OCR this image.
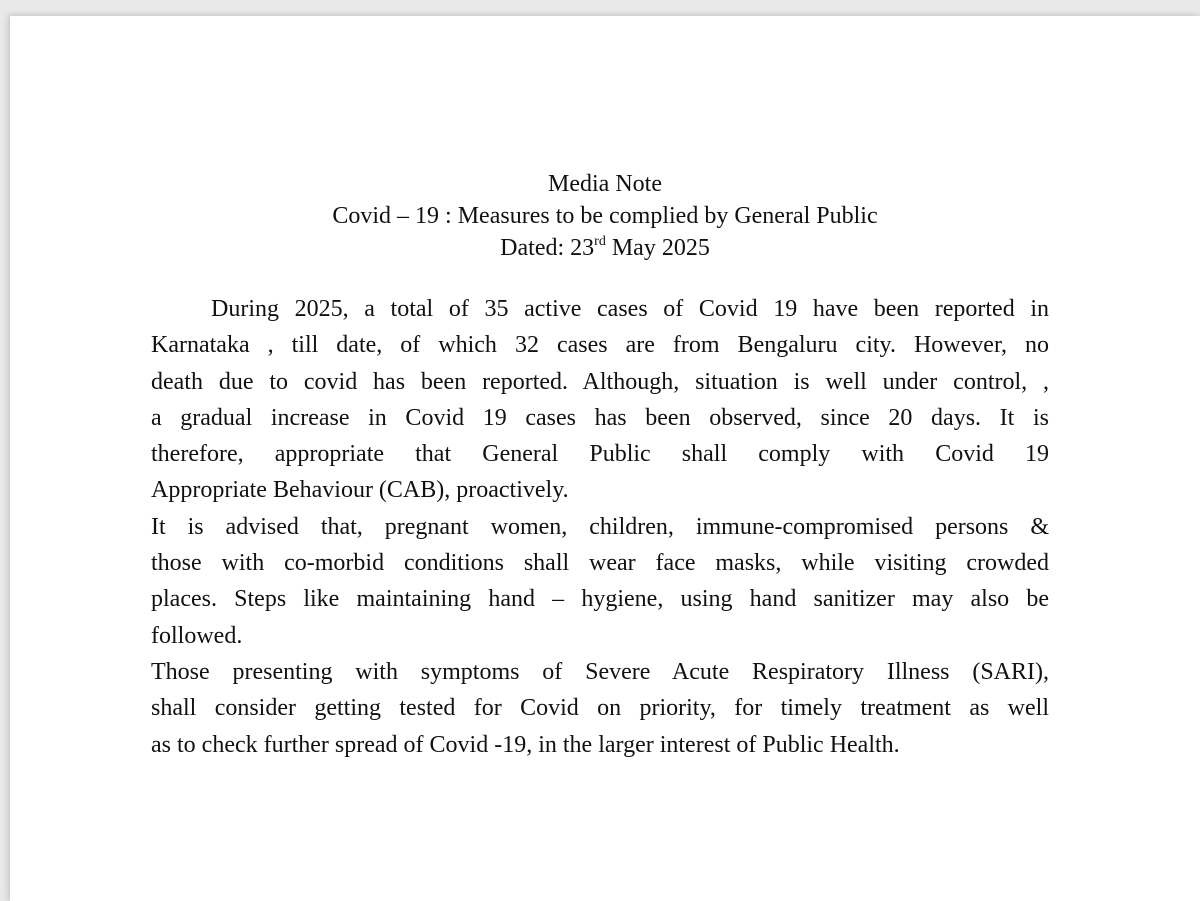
Media Note
Covid – 19 : Measures to be complied by General Public
Dated: 23rd May 2025
During 2025, a total of 35 active cases of Covid 19 have been reported in
Karnataka , till date, of which 32 cases are from Bengaluru city. However, no
death due to covid has been reported. Although, situation is well under control, ,
a gradual increase in Covid 19 cases has been observed, since 20 days. It is
therefore, appropriate that General Public shall comply with Covid 19
Appropriate Behaviour (CAB), proactively.
It is advised that, pregnant women, children, immune-compromised persons &
those with co-morbid conditions shall wear face masks, while visiting crowded
places. Steps like maintaining hand – hygiene, using hand sanitizer may also be
followed.
Those presenting with symptoms of Severe Acute Respiratory Illness (SARI),
shall consider getting tested for Covid on priority, for timely treatment as well
as to check further spread of Covid -19, in the larger interest of Public Health.
